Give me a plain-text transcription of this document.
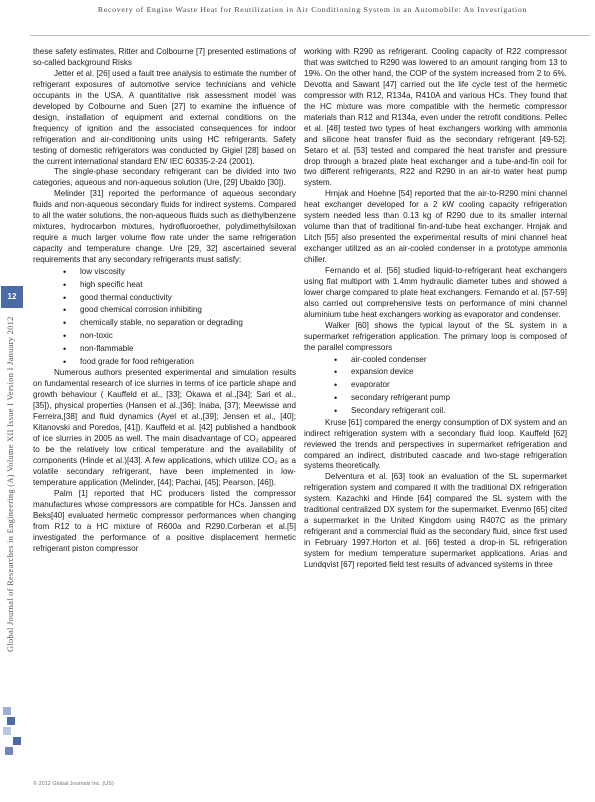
Recovery of Engine Waste Heat for Reutilization in Air Conditioning System in an Automobile: An Investigation
Global Journal of Researches in Engineering (A) Volume XII Issue I Version I January 2012
12

these safety estimates, Ritter and Colbourne [7] presented estimations of so-called background Risks

Jetter et al. [26] used a fault tree analysis to estimate the number of refrigerant exposures of automotive service technicians and vehicle occupants in the USA. A quantitative risk assessment model was developed by Colbourne and Suen [27] to examine the influence of design, installation of equipment and external conditions on the frequency of ignition and the associated consequences for indoor refrigeration and air-conditioning units using HC refrigerants. Safety testing of domestic refrigerators was conducted by Gigiel [28] based on the current international standard EN/ IEC 60335-2-24 (2001).

The single-phase secondary refrigerant can be divided into two categories, aqueous and non-aqueous solution (Ure, [29] Ubaldo [30]).

Melinder [31] reported the performance of aqueous secondary fluids and non-aqueous secondary fluids for indirect systems. Compared to all the water solutions, the non-aqueous fluids such as diethylbenzene mixtures, hydrocarbon mixtures, hydrofluoroether, polydimethylsiloxan require a much larger volume flow rate under the same refrigeration capacity and temperature change. Ure [29, 32] ascertained several requirements that any secondary refrigerants must satisfy:

• low viscosity
• high specific heat
• good thermal conductivity
• good chemical corrosion inhibiting
• chemically stable, no separation or degrading
• non-toxic
• non-flammable
• food grade for food refrigeration

Numerous authors presented experimental and simulation results on fundamental research of ice slurries in terms of ice particle shape and growth behaviour ( Kauffeld et al., [33]; Okawa et al.,[34]; Sari et al., [35]), physical properties (Hansen et al.,[36]; Inaba, [37]; Meewisse and Ferreira,[38] and fluid dynamics (Ayel et al.,[39]; Jensen et al., [40]; Kitanovski and Poredos, [41]). Kauffeld et al. [42] published a handbook of ice slurries in 2005 as well. The main disadvantage of CO₂ appeared to be the relatively low critical temperature and the availability of components (Hinde et al.)[43]. A few applications, which utilize CO₂ as a volatile secondary refrigerant, have been implemented in low-temperature application (Melinder, [44]; Pachai, [45]; Pearson, [46]).

Palm [1] reported that HC producers listed the compressor manufactures whose compressors are compatible for HCs. Janssen and Beks[40] evaluated hermetic compressor performances when changing from R12 to a HC mixture of R600a and R290.Corberan et al.[5] investigated the performance of a positive displacement hermetic refrigerant piston compressor

working with R290 as refrigerant. Cooling capacity of R22 compressor that was switched to R290 was lowered to an amount ranging from 13 to 19%. On the other hand, the COP of the system increased from 2 to 6%. Devotta and Sawant [47] carried out the life cycle test of the hermetic compressor with R12, R134a, R410A and various HCs. They found that the HC mixture was more compatible with the hermetic compressor materials than R12 and R134a, even under the retrofit conditions. Pellec et al. [48] tested two types of heat exchangers working with ammonia and silicone heat transfer fluid as the secondary refrigerant [49-52]. Setaro et al. [53] tested and compared the heat transfer and pressure drop through a brazed plate heat exchanger and a tube-and-fin coil for two different refrigerants, R22 and R290 in an air-to water heat pump system.

Hrnjak and Hoehne [54] reported that the air-to-R290 mini channel heat exchanger developed for a 2 kW cooling capacity refrigeration system needed less than 0.13 kg of R290 due to its smaller internal volume than that of traditional fin-and-tube heat exchanger. Hrnjak and Litch [55] also presented the experimental results of mini channel heat exchanger utilized as an air-cooled condenser in a prototype ammonia chiller.

Fernando et al. [56] studied liquid-to-refrigerant heat exchangers using flat multiport with 1.4mm hydraulic diameter tubes and showed a lower charge compared to plate heat exchangers. Fernando et al. [57-59] also carried out comprehensive tests on performance of mini channel aluminium tube heat exchangers working as evaporator and condenser.

Walker [60] shows the typical layout of the SL system in a supermarket refrigeration application. The primary loop is composed of the parallel compressors

• air-cooled condenser
• expansion device
• evaporator
• secondary refrigerant pump
• Secondary refrigerant coil.

Kruse [61] compared the energy consumption of DX system and an indirect refrigeration system with a secondary fluid loop. Kauffeld [62] reviewed the trends and perspectives in supermarket refrigeration and compared an indirect, distributed cascade and two-stage refrigeration systems theoretically.

Delventura et al. [63] took an evaluation of the SL supermarket refrigeration system and compared it with the traditional DX refrigeration system. Kazachki and Hinde [64] compared the SL system with the traditional centralized DX system for the supermarket. Evenmo [65] cited a supermarket in the United Kingdom using R407C as the primary refrigerant and a commercial fluid as the secondary fluid, since first used in February 1997.Horton et al. [66] tested a drop-in SL refrigeration system for medium temperature supermarket applications. Arias and Lundqvist [67] reported field test results of advanced systems in three

© 2012 Global Journals Inc. (US)
